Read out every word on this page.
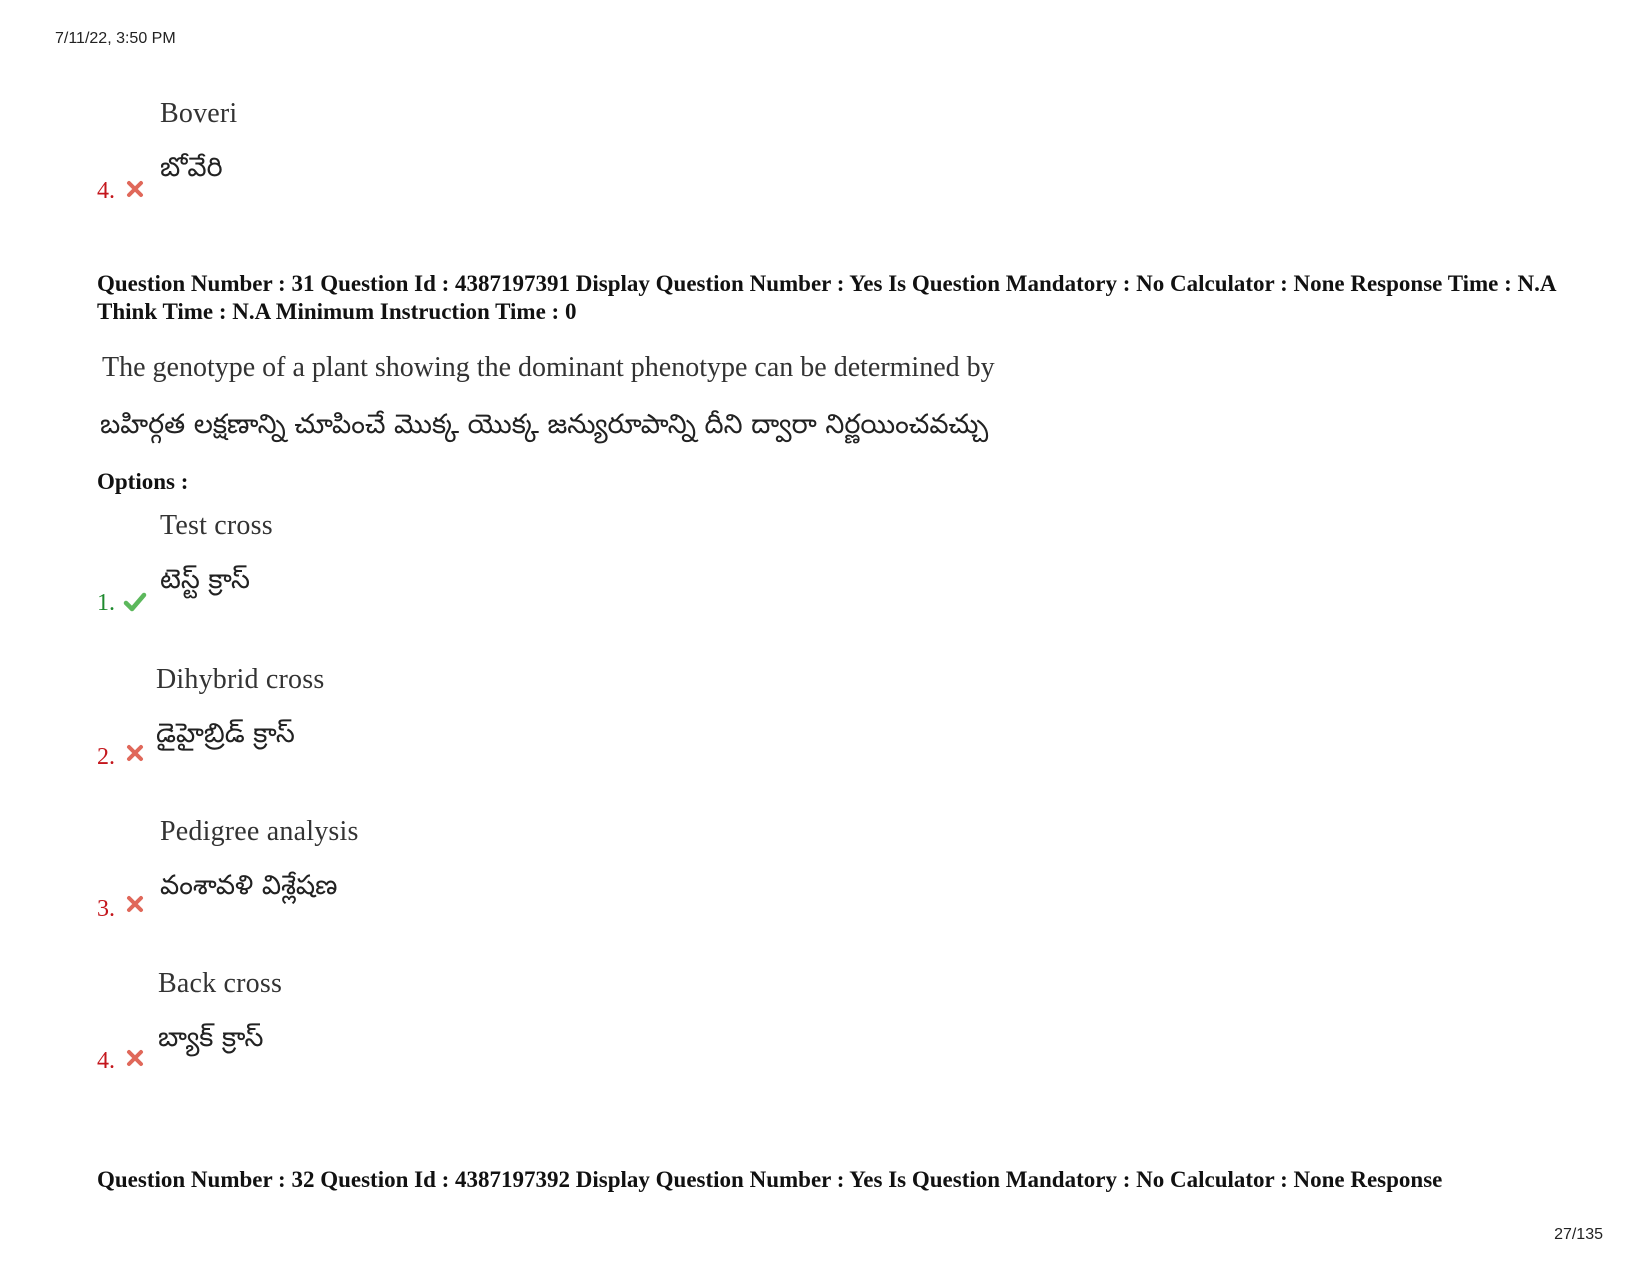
7/11/22, 3:50 PM
Boveri
బోవేరి
4.
Question Number : 31 Question Id : 4387197391 Display Question Number : Yes Is Question Mandatory : No Calculator : None Response Time : N.A Think Time : N.A Minimum Instruction Time : 0
The genotype of a plant showing the dominant phenotype can be determined by
బహిర్గత లక్షణాన్ని చూపించే మొక్క యొక్క జన్యురూపాన్ని దీని ద్వారా నిర్ణయించవచ్చు
Options :
Test cross
టెస్ట్ క్రాస్
1.
Dihybrid cross
డైహైబ్రిడ్ క్రాస్
2.
Pedigree analysis
వంశావళి విశ్లేషణ
3.
Back cross
బ్యాక్ క్రాస్
4.
Question Number : 32 Question Id : 4387197392 Display Question Number : Yes Is Question Mandatory : No Calculator : None Response
27/135
